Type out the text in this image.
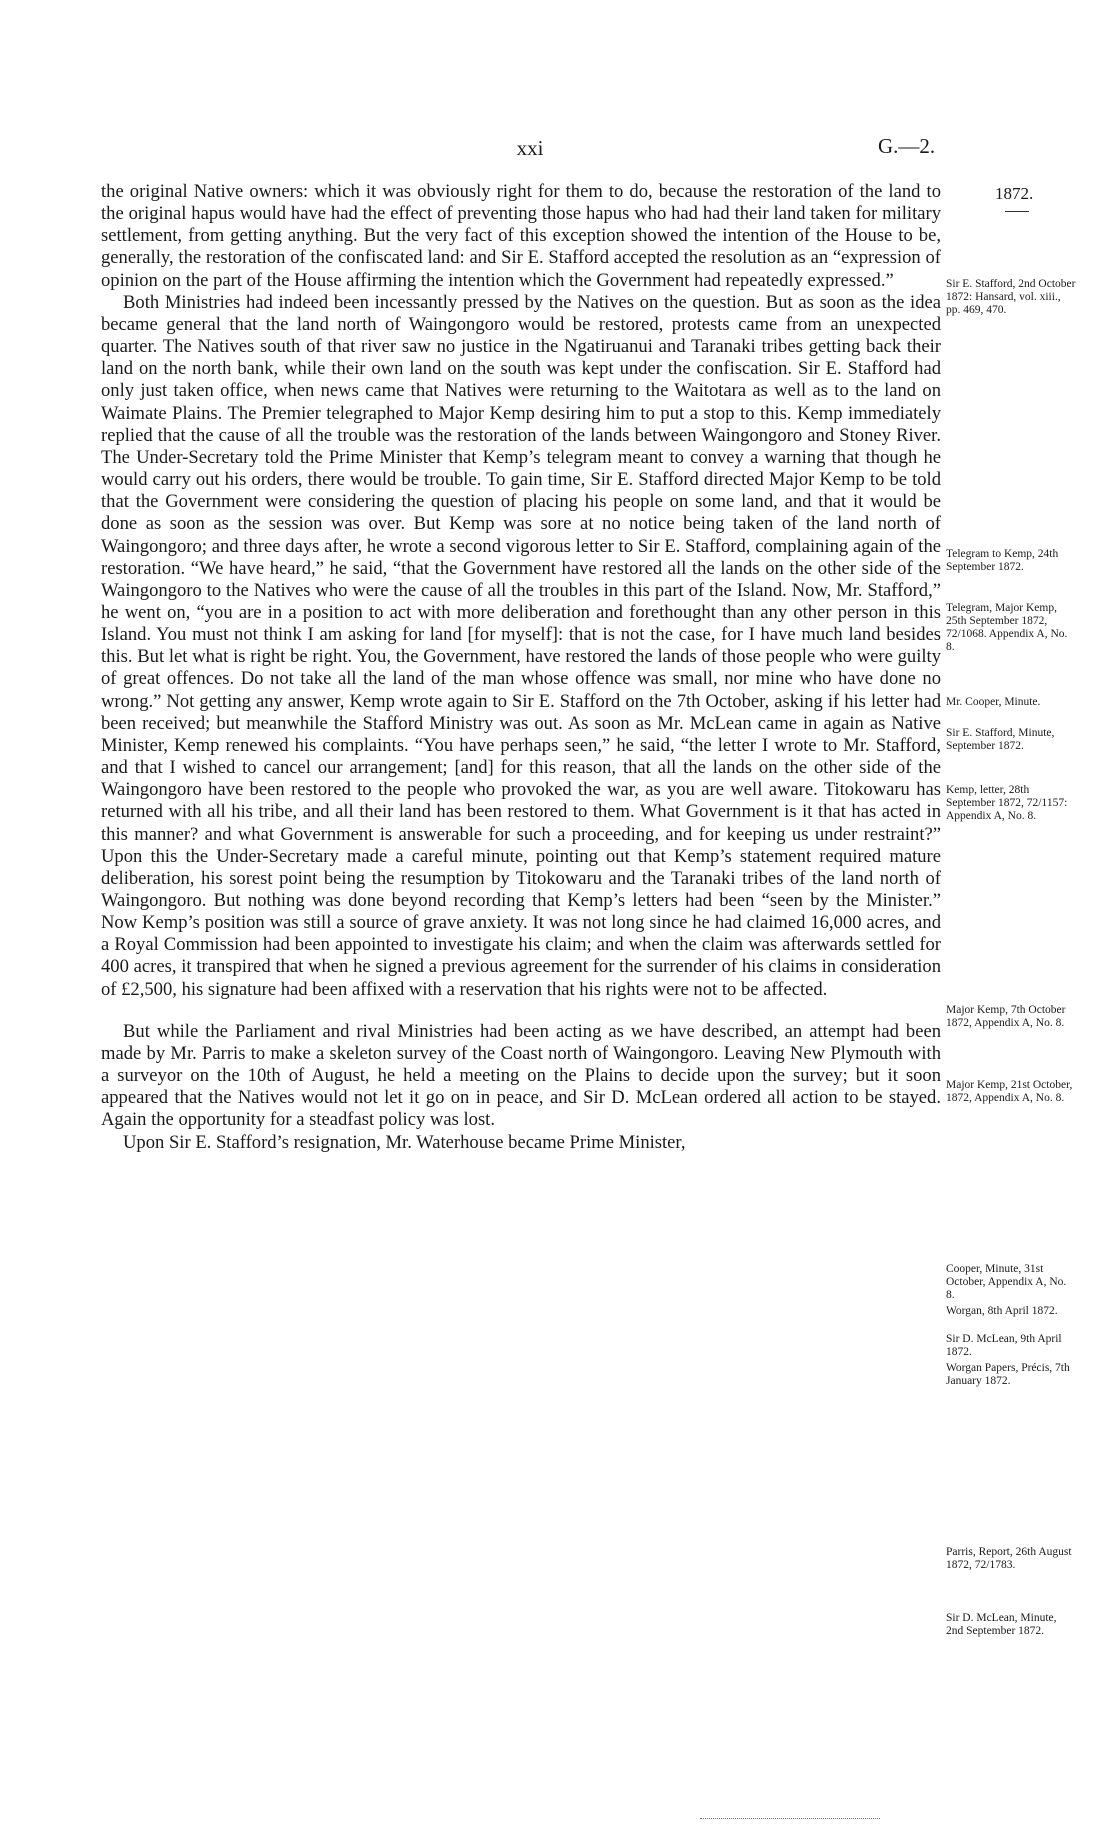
xxi	G.—2.
1872.

the original Native owners: which it was obviously right for them to do, because the restoration of the land to the original hapus would have had the effect of preventing those hapus who had had their land taken for military settlement, from getting anything. But the very fact of this exception showed the intention of the House to be, generally, the restoration of the confiscated land: and Sir E. Stafford accepted the resolution as an “expression of opinion on the part of the House affirming the intention which the Government had repeatedly expressed.”

Both Ministries had indeed been incessantly pressed by the Natives on the question. But as soon as the idea became general that the land north of Waingongoro would be restored, protests came from an unexpected quarter. The Natives south of that river saw no justice in the Ngatiruanui and Taranaki tribes getting back their land on the north bank, while their own land on the south was kept under the confiscation. Sir E. Stafford had only just taken office, when news came that Natives were returning to the Waitotara as well as to the land on Waimate Plains. The Premier telegraphed to Major Kemp desiring him to put a stop to this. Kemp immediately replied that the cause of all the trouble was the restoration of the lands between Waingongoro and Stoney River. The Under-Secretary told the Prime Minister that Kemp’s telegram meant to convey a warning that though he would carry out his orders, there would be trouble. To gain time, Sir E. Stafford directed Major Kemp to be told that the Government were considering the question of placing his people on some land, and that it would be done as soon as the session was over. But Kemp was sore at no notice being taken of the land north of Waingongoro; and three days after, he wrote a second vigorous letter to Sir E. Stafford, complaining again of the restoration. “We have heard,” he said, “that the Government have restored all the lands on the other side of the Waingongoro to the Natives who were the cause of all the troubles in this part of the Island. Now, Mr. Stafford,” he went on, “you are in a position to act with more deliberation and forethought than any other person in this Island. You must not think I am asking for land [for myself]: that is not the case, for I have much land besides this. But let what is right be right. You, the Government, have restored the lands of those people who were guilty of great offences. Do not take all the land of the man whose offence was small, nor mine who have done no wrong.” Not getting any answer, Kemp wrote again to Sir E. Stafford on the 7th October, asking if his letter had been received; but meanwhile the Stafford Ministry was out. As soon as Mr. McLean came in again as Native Minister, Kemp renewed his complaints. “You have perhaps seen,” he said, “the letter I wrote to Mr. Stafford, and that I wished to cancel our arrangement; [and] for this reason, that all the lands on the other side of the Waingongoro have been restored to the people who provoked the war, as you are well aware. Titokowaru has returned with all his tribe, and all their land has been restored to them. What Government is it that has acted in this manner? and what Government is answerable for such a proceeding, and for keeping us under restraint?” Upon this the Under-Secretary made a careful minute, pointing out that Kemp’s statement required mature deliberation, his sorest point being the resumption by Titokowaru and the Taranaki tribes of the land north of Waingongoro. But nothing was done beyond recording that Kemp’s letters had been “seen by the Minister.” Now Kemp’s position was still a source of grave anxiety. It was not long since he had claimed 16,000 acres, and a Royal Commission had been appointed to investigate his claim; and when the claim was afterwards settled for 400 acres, it transpired that when he signed a previous agreement for the surrender of his claims in consideration of £2,500, his signature had been affixed with a reservation that his rights were not to be affected.

But while the Parliament and rival Ministries had been acting as we have described, an attempt had been made by Mr. Parris to make a skeleton survey of the Coast north of Waingongoro. Leaving New Plymouth with a surveyor on the 10th of August, he held a meeting on the Plains to decide upon the survey; but it soon appeared that the Natives would not let it go on in peace, and Sir D. McLean ordered all action to be stayed. Again the opportunity for a steadfast policy was lost.

Upon Sir E. Stafford’s resignation, Mr. Waterhouse became Prime Minister,

Sir E. Stafford, 2nd October 1872: Hansard, vol. xiii., pp. 469, 470.
Telegram to Kemp, 24th September 1872.
Telegram, Major Kemp, 25th September 1872, 72/1068. Appendix A, No. 8.
Mr. Cooper, Minute.
Sir E. Stafford, Minute, September 1872.
Kemp, letter, 28th September 1872, 72/1157: Appendix A, No. 8.
Major Kemp, 7th October 1872, Appendix A, No. 8.
Major Kemp, 21st October, 1872, Appendix A, No. 8.
Cooper, Minute, 31st October, Appendix A, No. 8.
Worgan, 8th April 1872.
Sir D. McLean, 9th April 1872.
Worgan Papers, Précis, 7th January 1872.
Parris, Report, 26th August 1872, 72/1783.
Sir D. McLean, Minute, 2nd September 1872.
